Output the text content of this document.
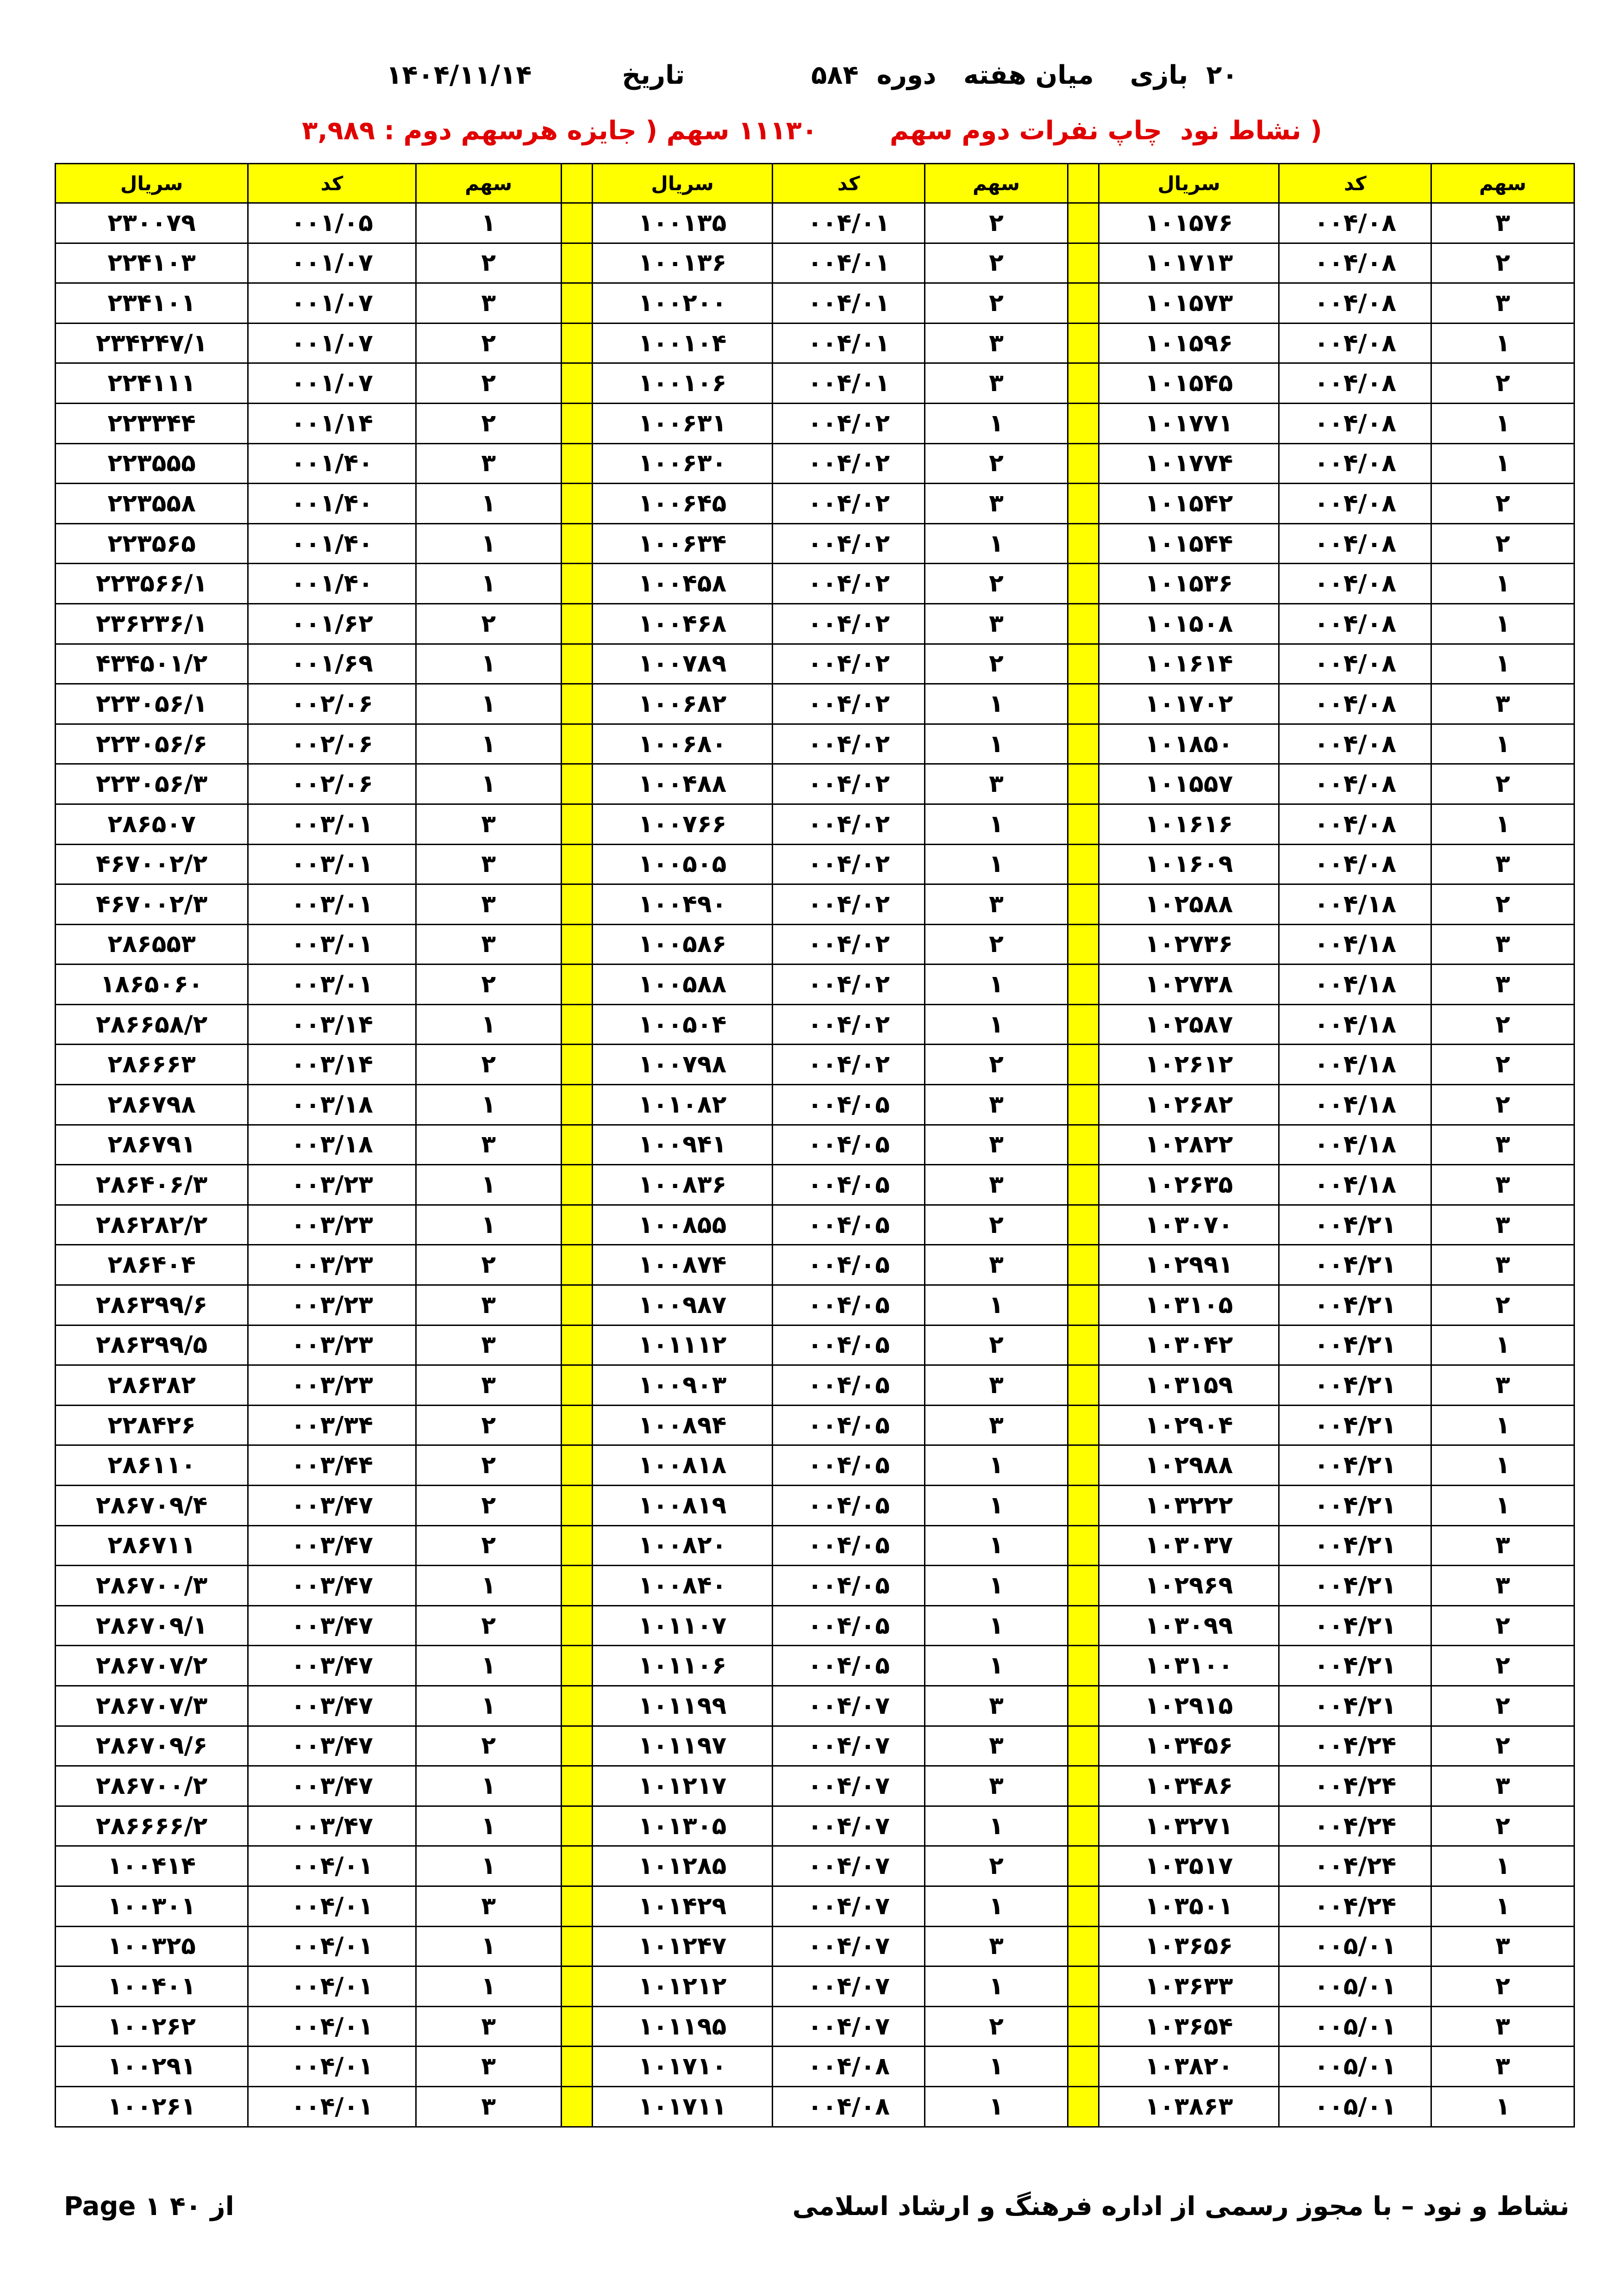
۲۰  بازی    میان هفته   دوره  ۵۸۴              تاریخ          ۱۴۰۴/۱۱/۱۴
( نشاط نود  چاپ نفرات دوم سهم        ۱۱۱۳۰ سهم ( جایزه هرسهم دوم : ۳,۹۸۹
سهم	کد	سریال		سهم	کد	سریال		سهم	کد	سریال
۳	۰۰۴/۰۸	۱۰۱۵۷۶		۲	۰۰۴/۰۱	۱۰۰۱۳۵		۱	۰۰۱/۰۵	۲۳۰۰۷۹
۲	۰۰۴/۰۸	۱۰۱۷۱۳		۲	۰۰۴/۰۱	۱۰۰۱۳۶		۲	۰۰۱/۰۷	۲۲۴۱۰۳
۳	۰۰۴/۰۸	۱۰۱۵۷۳		۲	۰۰۴/۰۱	۱۰۰۲۰۰		۳	۰۰۱/۰۷	۲۳۴۱۰۱
۱	۰۰۴/۰۸	۱۰۱۵۹۶		۳	۰۰۴/۰۱	۱۰۰۱۰۴		۲	۰۰۱/۰۷	۲۳۴۲۴۷/۱
۲	۰۰۴/۰۸	۱۰۱۵۴۵		۳	۰۰۴/۰۱	۱۰۰۱۰۶		۲	۰۰۱/۰۷	۲۲۴۱۱۱
۱	۰۰۴/۰۸	۱۰۱۷۷۱		۱	۰۰۴/۰۲	۱۰۰۶۳۱		۲	۰۰۱/۱۴	۲۲۳۳۴۴
۱	۰۰۴/۰۸	۱۰۱۷۷۴		۲	۰۰۴/۰۲	۱۰۰۶۳۰		۳	۰۰۱/۴۰	۲۲۳۵۵۵
۲	۰۰۴/۰۸	۱۰۱۵۴۲		۳	۰۰۴/۰۲	۱۰۰۶۴۵		۱	۰۰۱/۴۰	۲۲۳۵۵۸
۲	۰۰۴/۰۸	۱۰۱۵۴۴		۱	۰۰۴/۰۲	۱۰۰۶۳۴		۱	۰۰۱/۴۰	۲۲۳۵۶۵
۱	۰۰۴/۰۸	۱۰۱۵۳۶		۲	۰۰۴/۰۲	۱۰۰۴۵۸		۱	۰۰۱/۴۰	۲۲۳۵۶۶/۱
۱	۰۰۴/۰۸	۱۰۱۵۰۸		۳	۰۰۴/۰۲	۱۰۰۴۶۸		۲	۰۰۱/۶۲	۲۳۶۲۳۶/۱
۱	۰۰۴/۰۸	۱۰۱۶۱۴		۲	۰۰۴/۰۲	۱۰۰۷۸۹		۱	۰۰۱/۶۹	۴۳۴۵۰۱/۲
۳	۰۰۴/۰۸	۱۰۱۷۰۲		۱	۰۰۴/۰۲	۱۰۰۶۸۲		۱	۰۰۲/۰۶	۲۲۳۰۵۶/۱
۱	۰۰۴/۰۸	۱۰۱۸۵۰		۱	۰۰۴/۰۲	۱۰۰۶۸۰		۱	۰۰۲/۰۶	۲۲۳۰۵۶/۶
۲	۰۰۴/۰۸	۱۰۱۵۵۷		۳	۰۰۴/۰۲	۱۰۰۴۸۸		۱	۰۰۲/۰۶	۲۲۳۰۵۶/۳
۱	۰۰۴/۰۸	۱۰۱۶۱۶		۱	۰۰۴/۰۲	۱۰۰۷۶۶		۳	۰۰۳/۰۱	۲۸۶۵۰۷
۳	۰۰۴/۰۸	۱۰۱۶۰۹		۱	۰۰۴/۰۲	۱۰۰۵۰۵		۳	۰۰۳/۰۱	۴۶۷۰۰۲/۲
۲	۰۰۴/۱۸	۱۰۲۵۸۸		۳	۰۰۴/۰۲	۱۰۰۴۹۰		۳	۰۰۳/۰۱	۴۶۷۰۰۲/۳
۳	۰۰۴/۱۸	۱۰۲۷۳۶		۲	۰۰۴/۰۲	۱۰۰۵۸۶		۳	۰۰۳/۰۱	۲۸۶۵۵۳
۳	۰۰۴/۱۸	۱۰۲۷۳۸		۱	۰۰۴/۰۲	۱۰۰۵۸۸		۲	۰۰۳/۰۱	۱۸۶۵۰۶۰
۲	۰۰۴/۱۸	۱۰۲۵۸۷		۱	۰۰۴/۰۲	۱۰۰۵۰۴		۱	۰۰۳/۱۴	۲۸۶۶۵۸/۲
۲	۰۰۴/۱۸	۱۰۲۶۱۲		۲	۰۰۴/۰۲	۱۰۰۷۹۸		۲	۰۰۳/۱۴	۲۸۶۶۶۳
۲	۰۰۴/۱۸	۱۰۲۶۸۲		۳	۰۰۴/۰۵	۱۰۱۰۸۲		۱	۰۰۳/۱۸	۲۸۶۷۹۸
۳	۰۰۴/۱۸	۱۰۲۸۲۲		۳	۰۰۴/۰۵	۱۰۰۹۴۱		۳	۰۰۳/۱۸	۲۸۶۷۹۱
۳	۰۰۴/۱۸	۱۰۲۶۳۵		۳	۰۰۴/۰۵	۱۰۰۸۳۶		۱	۰۰۳/۲۳	۲۸۶۴۰۶/۳
۳	۰۰۴/۲۱	۱۰۳۰۷۰		۲	۰۰۴/۰۵	۱۰۰۸۵۵		۱	۰۰۳/۲۳	۲۸۶۲۸۲/۲
۳	۰۰۴/۲۱	۱۰۲۹۹۱		۳	۰۰۴/۰۵	۱۰۰۸۷۴		۲	۰۰۳/۲۳	۲۸۶۴۰۴
۲	۰۰۴/۲۱	۱۰۳۱۰۵		۱	۰۰۴/۰۵	۱۰۰۹۸۷		۳	۰۰۳/۲۳	۲۸۶۳۹۹/۶
۱	۰۰۴/۲۱	۱۰۳۰۴۲		۲	۰۰۴/۰۵	۱۰۱۱۱۲		۳	۰۰۳/۲۳	۲۸۶۳۹۹/۵
۳	۰۰۴/۲۱	۱۰۳۱۵۹		۳	۰۰۴/۰۵	۱۰۰۹۰۳		۳	۰۰۳/۲۳	۲۸۶۳۸۲
۱	۰۰۴/۲۱	۱۰۲۹۰۴		۳	۰۰۴/۰۵	۱۰۰۸۹۴		۲	۰۰۳/۳۴	۲۲۸۴۲۶
۱	۰۰۴/۲۱	۱۰۲۹۸۸		۱	۰۰۴/۰۵	۱۰۰۸۱۸		۲	۰۰۳/۴۴	۲۸۶۱۱۰
۱	۰۰۴/۲۱	۱۰۳۲۲۲		۱	۰۰۴/۰۵	۱۰۰۸۱۹		۲	۰۰۳/۴۷	۲۸۶۷۰۹/۴
۳	۰۰۴/۲۱	۱۰۳۰۳۷		۱	۰۰۴/۰۵	۱۰۰۸۲۰		۲	۰۰۳/۴۷	۲۸۶۷۱۱
۳	۰۰۴/۲۱	۱۰۲۹۶۹		۱	۰۰۴/۰۵	۱۰۰۸۴۰		۱	۰۰۳/۴۷	۲۸۶۷۰۰/۳
۲	۰۰۴/۲۱	۱۰۳۰۹۹		۱	۰۰۴/۰۵	۱۰۱۱۰۷		۲	۰۰۳/۴۷	۲۸۶۷۰۹/۱
۲	۰۰۴/۲۱	۱۰۳۱۰۰		۱	۰۰۴/۰۵	۱۰۱۱۰۶		۱	۰۰۳/۴۷	۲۸۶۷۰۷/۲
۲	۰۰۴/۲۱	۱۰۲۹۱۵		۳	۰۰۴/۰۷	۱۰۱۱۹۹		۱	۰۰۳/۴۷	۲۸۶۷۰۷/۳
۲	۰۰۴/۲۴	۱۰۳۴۵۶		۳	۰۰۴/۰۷	۱۰۱۱۹۷		۲	۰۰۳/۴۷	۲۸۶۷۰۹/۶
۳	۰۰۴/۲۴	۱۰۳۴۸۶		۳	۰۰۴/۰۷	۱۰۱۲۱۷		۱	۰۰۳/۴۷	۲۸۶۷۰۰/۲
۲	۰۰۴/۲۴	۱۰۳۲۷۱		۱	۰۰۴/۰۷	۱۰۱۳۰۵		۱	۰۰۳/۴۷	۲۸۶۶۶۶/۲
۱	۰۰۴/۲۴	۱۰۳۵۱۷		۲	۰۰۴/۰۷	۱۰۱۲۸۵		۱	۰۰۴/۰۱	۱۰۰۴۱۴
۱	۰۰۴/۲۴	۱۰۳۵۰۱		۱	۰۰۴/۰۷	۱۰۱۴۲۹		۳	۰۰۴/۰۱	۱۰۰۳۰۱
۳	۰۰۵/۰۱	۱۰۳۶۵۶		۳	۰۰۴/۰۷	۱۰۱۲۴۷		۱	۰۰۴/۰۱	۱۰۰۳۲۵
۲	۰۰۵/۰۱	۱۰۳۶۳۳		۱	۰۰۴/۰۷	۱۰۱۲۱۲		۱	۰۰۴/۰۱	۱۰۰۴۰۱
۳	۰۰۵/۰۱	۱۰۳۶۵۴		۲	۰۰۴/۰۷	۱۰۱۱۹۵		۳	۰۰۴/۰۱	۱۰۰۲۶۲
۳	۰۰۵/۰۱	۱۰۳۸۲۰		۱	۰۰۴/۰۸	۱۰۱۷۱۰		۳	۰۰۴/۰۱	۱۰۰۲۹۱
۱	۰۰۵/۰۱	۱۰۳۸۶۳		۱	۰۰۴/۰۸	۱۰۱۷۱۱		۳	۰۰۴/۰۱	۱۰۰۲۶۱
Page ۱ ۴۰ از	نشاط و نود – با مجوز رسمی از اداره فرهنگ و ارشاد اسلامی
